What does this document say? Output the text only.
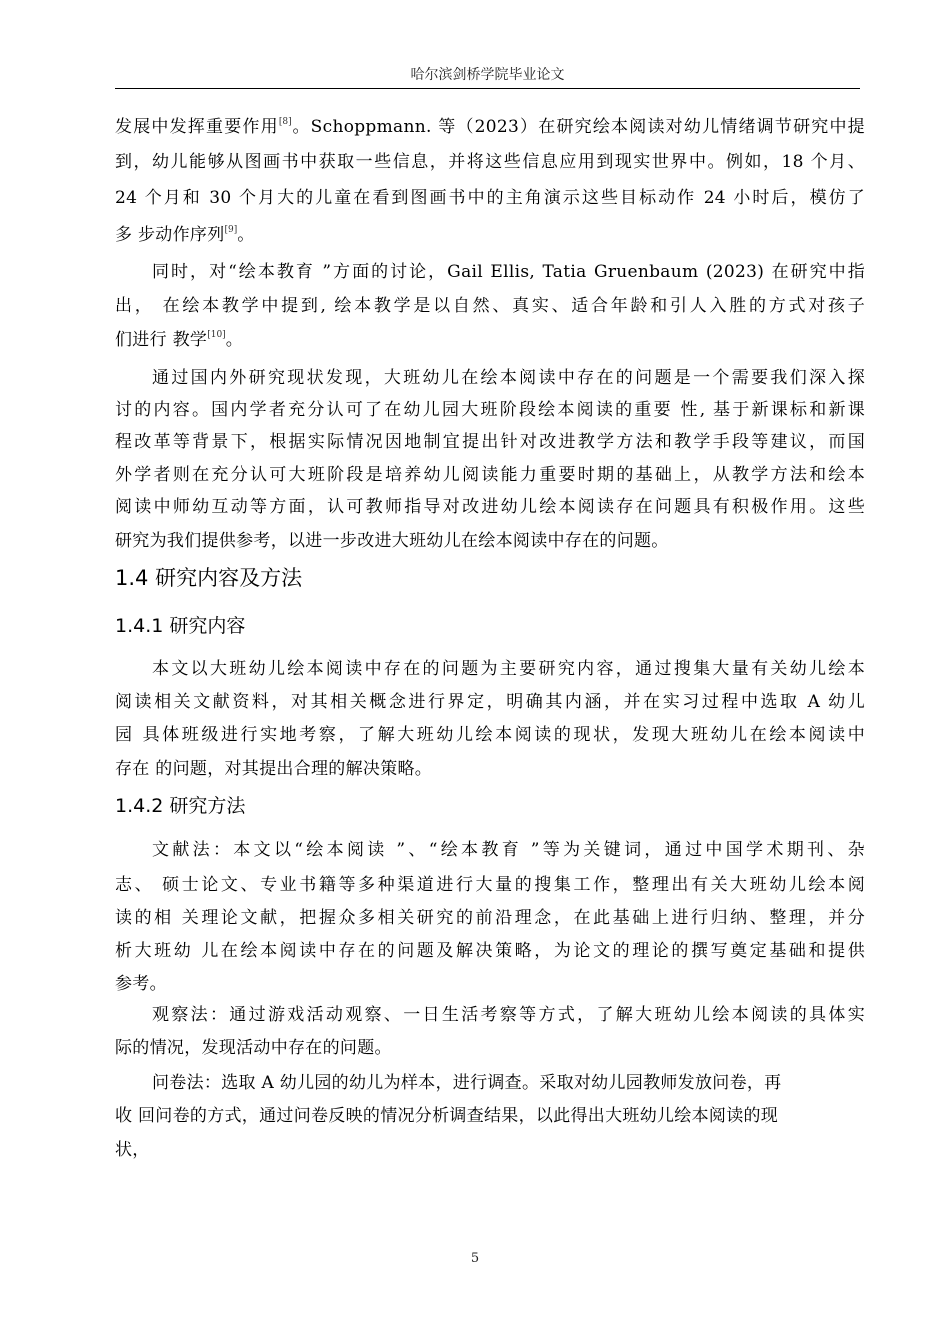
哈尔滨剑桥学院毕业论文
发展中发挥重要作用[8]。Schoppmann. 等（2023）在研究绘本阅读对幼儿情绪调节研究中提
到，幼儿能够从图画书中获取一些信息，并将这些信息应用到现实世界中。例如，18 个月、
24 个月和 30 个月大的儿童在看到图画书中的主角演示这些目标动作 24 小时后，模仿了
多 步动作序列[9]。
同时，对“绘本教育 ”方面的讨论，Gail Ellis, Tatia Gruenbaum (2023) 在研究中指
出， 在绘本教学中提到, 绘本教学是以自然、真实、适合年龄和引人入胜的方式对孩子
们进行 教学[10]。
通过国内外研究现状发现，大班幼儿在绘本阅读中存在的问题是一个需要我们深入探
讨的内容。国内学者充分认可了在幼儿园大班阶段绘本阅读的重要 性, 基于新课标和新课
程改革等背景下，根据实际情况因地制宜提出针对改进教学方法和教学手段等建议，而国
外学者则在充分认可大班阶段是培养幼儿阅读能力重要时期的基础上，从教学方法和绘本
阅读中师幼互动等方面，认可教师指导对改进幼儿绘本阅读存在问题具有积极作用。这些
研究为我们提供参考，以进一步改进大班幼儿在绘本阅读中存在的问题。
1.4 研究内容及方法
1.4.1 研究内容
本文以大班幼儿绘本阅读中存在的问题为主要研究内容，通过搜集大量有关幼儿绘本
阅读相关文献资料，对其相关概念进行界定，明确其内涵，并在实习过程中选取 A 幼儿
园 具体班级进行实地考察，了解大班幼儿绘本阅读的现状，发现大班幼儿在绘本阅读中
存在 的问题，对其提出合理的解决策略。
1.4.2 研究方法
文献法：本文以“绘本阅读 ”、“绘本教育 ”等为关键词，通过中国学术期刊、杂
志、 硕士论文、专业书籍等多种渠道进行大量的搜集工作，整理出有关大班幼儿绘本阅
读的相 关理论文献，把握众多相关研究的前沿理念，在此基础上进行归纳、整理，并分
析大班幼 儿在绘本阅读中存在的问题及解决策略，为论文的理论的撰写奠定基础和提供
参考。
观察法：通过游戏活动观察、一日生活考察等方式，了解大班幼儿绘本阅读的具体实
际的情况，发现活动中存在的问题。
问卷法：选取 A 幼儿园的幼儿为样本，进行调查。采取对幼儿园教师发放问卷，再
收 回问卷的方式，通过问卷反映的情况分析调查结果，以此得出大班幼儿绘本阅读的现
状，
5
